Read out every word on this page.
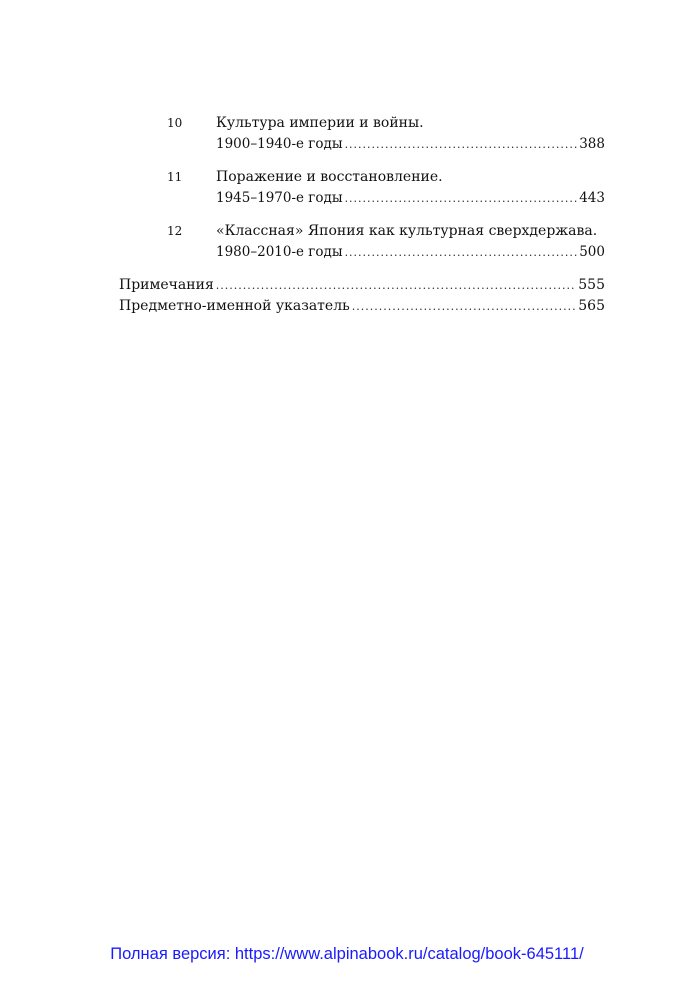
10 Культура империи и войны.
1900–1940-е годы .....	388
11 Поражение и восстановление.
1945–1970-е годы .....	443
12 «Классная» Япония как культурная сверхдержава.
1980–2010-е годы .....	500
Примечания .....	555
Предметно-именной указатель .....	565
Полная версия: https://www.alpinabook.ru/catalog/book-645111/
